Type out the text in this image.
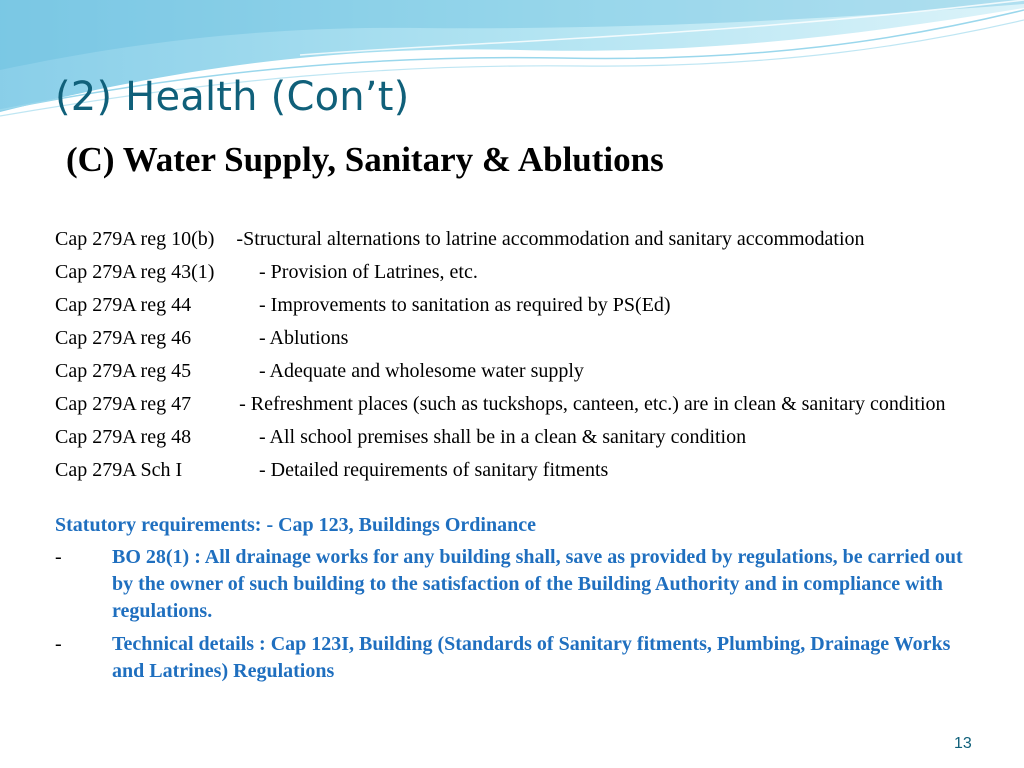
(2) Health (Con’t)
(C) Water Supply, Sanitary & Ablutions
Cap 279A reg 10(b) -Structural alternations to latrine accommodation and sanitary accommodation
Cap 279A reg 43(1)	- Provision of Latrines, etc.
Cap 279A reg 44	- Improvements to sanitation as required by PS(Ed)
Cap 279A reg 46	- Ablutions
Cap 279A reg 45	- Adequate and wholesome water supply
Cap 279A reg 47 - Refreshment places (such as tuckshops, canteen, etc.) are in clean & sanitary condition
Cap 279A reg 48	- All school premises shall be in a clean & sanitary condition
Cap 279A Sch I	- Detailed requirements of sanitary fitments
Statutory requirements: - Cap 123, Buildings Ordinance
-	BO 28(1) : All drainage works for any building shall, save as provided by regulations, be carried out by the owner of such building to the satisfaction of the Building Authority and in compliance with regulations.
-	Technical details : Cap 123I, Building (Standards of Sanitary fitments, Plumbing, Drainage Works and Latrines) Regulations
13
